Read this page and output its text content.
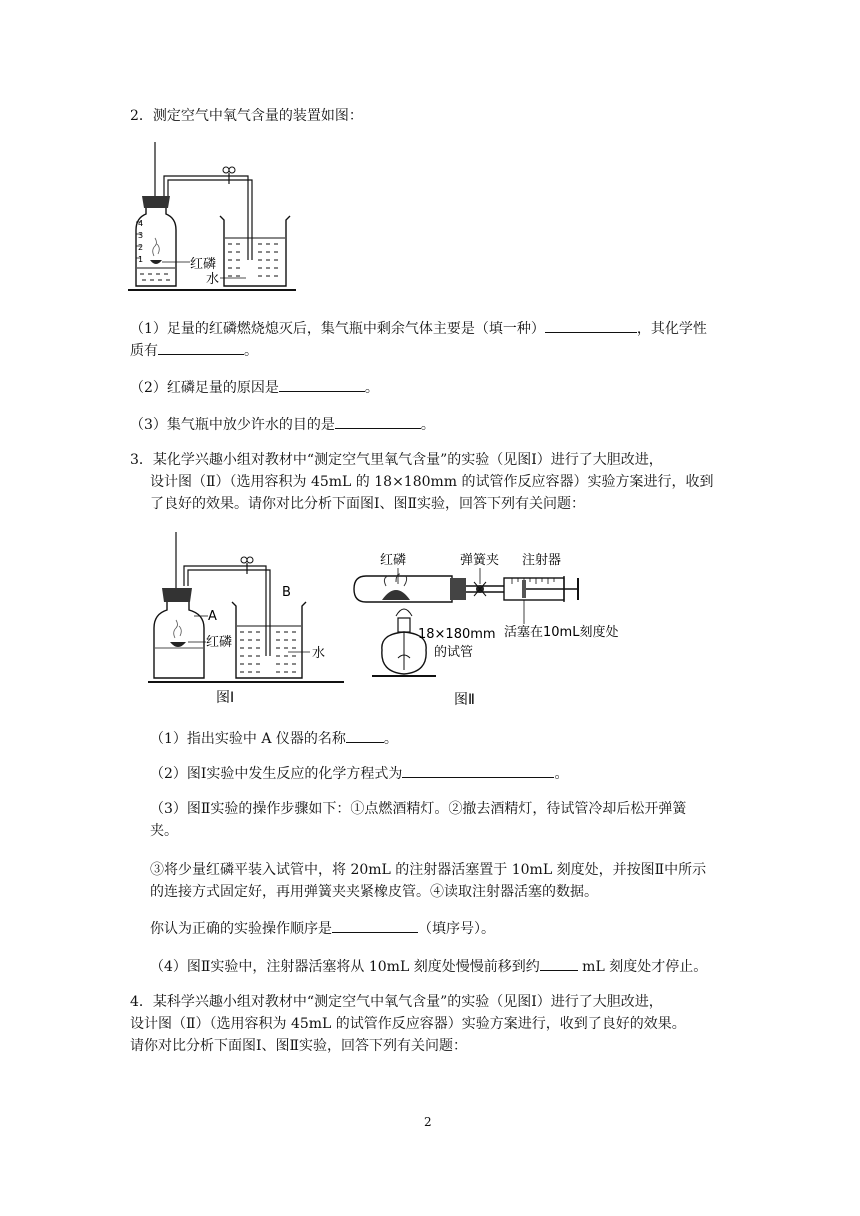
2．测定空气中氧气含量的装置如图：
4
3
2
1	红磷
水
（1）足量的红磷燃烧熄灭后，集气瓶中剩余气体主要是（填一种）	，其化学性
质有	。
（2）红磷足量的原因是	。
（3）集气瓶中放少许水的目的是	。
3．某化学兴趣小组对教材中“测定空气里氧气含量”的实验（见图Ⅰ）进行了大胆改进，
设计图（Ⅱ）（选用容积为 45mL 的 18×180mm 的试管作反应容器）实验方案进行，收到
了良好的效果。请你对比分析下面图Ⅰ、图Ⅱ实验，回答下列有关问题：
A
B
红磷
水
图Ⅰ
红磷	弹簧夹 注射器
18×180mm
的试管
活塞在10mL刻度处
图Ⅱ
（1）指出实验中 A 仪器的名称	。
（2）图Ⅰ实验中发生反应的化学方程式为	。
（3）图Ⅱ实验的操作步骤如下：①点燃酒精灯。②撤去酒精灯，待试管冷却后松开弹簧
夹。
③将少量红磷平装入试管中，将 20mL 的注射器活塞置于 10mL 刻度处，并按图Ⅱ中所示
的连接方式固定好，再用弹簧夹夹紧橡皮管。④读取注射器活塞的数据。
你认为正确的实验操作顺序是	（填序号）。
（4）图Ⅱ实验中，注射器活塞将从 10mL 刻度处慢慢前移到约	mL 刻度处才停止。
4．某科学兴趣小组对教材中“测定空气中氧气含量”的实验（见图Ⅰ）进行了大胆改进，
设计图（Ⅱ）（选用容积为 45mL 的试管作反应容器）实验方案进行，收到了良好的效果。
请你对比分析下面图Ⅰ、图Ⅱ实验，回答下列有关问题：
2
